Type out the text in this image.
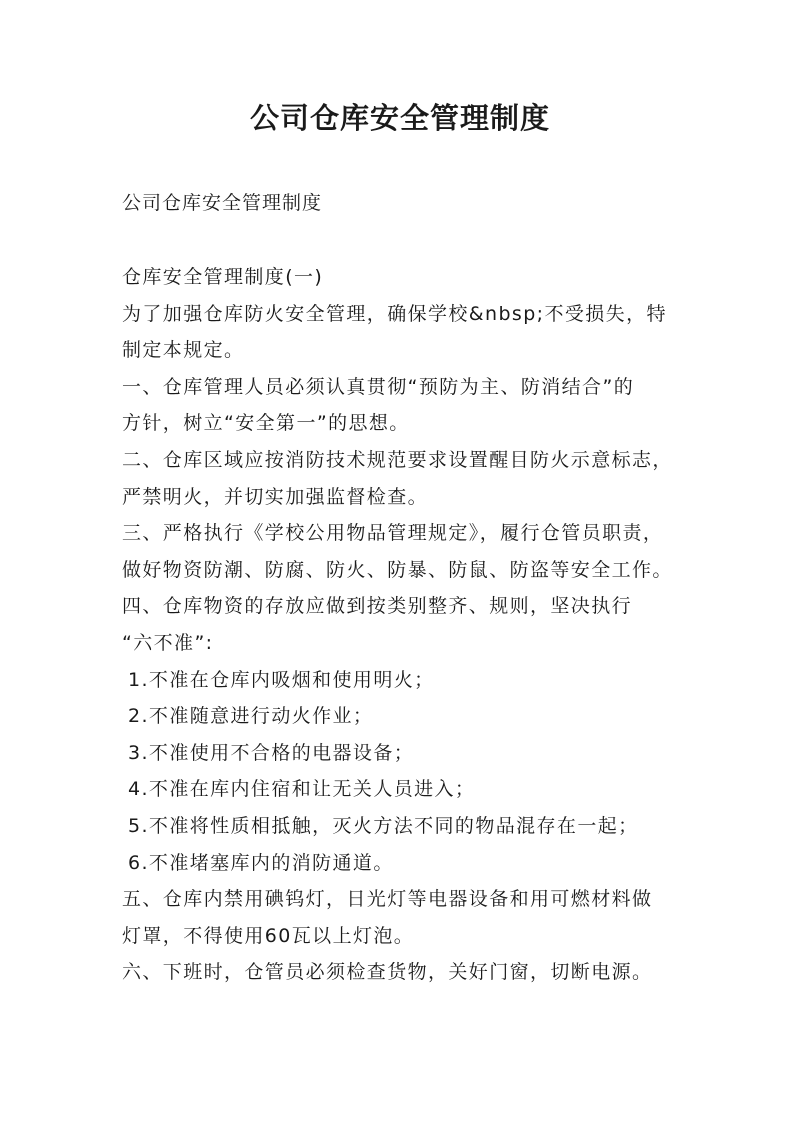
公司仓库安全管理制度

公司仓库安全管理制度

仓库安全管理制度(一)
为了加强仓库防火安全管理，确保学校&nbsp;不受损失，特
制定本规定。
一、仓库管理人员必须认真贯彻“预防为主、防消结合”的
方针，树立“安全第一”的思想。
二、仓库区域应按消防技术规范要求设置醒目防火示意标志，
严禁明火，并切实加强监督检查。
三、严格执行《学校公用物品管理规定》，履行仓管员职责，
做好物资防潮、防腐、防火、防暴、防鼠、防盗等安全工作。
四、仓库物资的存放应做到按类别整齐、规则，坚决执行
“六不准”:
1.不准在仓库内吸烟和使用明火；
2.不准随意进行动火作业；
3.不准使用不合格的电器设备；
4.不准在库内住宿和让无关人员进入；
5.不准将性质相抵触，灭火方法不同的物品混存在一起；
6.不准堵塞库内的消防通道。
五、仓库内禁用碘钨灯，日光灯等电器设备和用可燃材料做
灯罩，不得使用60瓦以上灯泡。
六、下班时，仓管员必须检查货物，关好门窗，切断电源。
